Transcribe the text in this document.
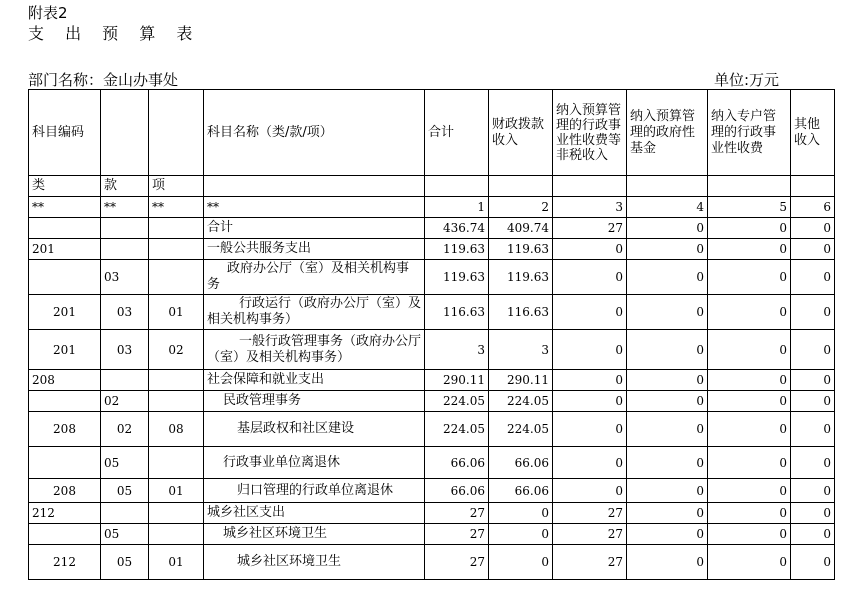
附表2
支 出 预 算 表
部门名称：金山办事处	单位:万元
科目编码			科目名称（类/款/项）	合计	财政拨款收入	纳入预算管理的行政事业性收费等非税收入	纳入预算管理的政府性基金	纳入专户管理的行政事业性收费	其他收入
类	款	项							
**	**	**	**	1	2	3	4	5	6
			合计	436.74	409.74	27	0	0	0
201			一般公共服务支出	119.63	119.63	0	0	0	0
	03		政府办公厅（室）及相关机构事务	119.63	119.63	0	0	0	0
201	03	01	行政运行（政府办公厅（室）及相关机构事务）	116.63	116.63	0	0	0	0
201	03	02	一般行政管理事务（政府办公厅（室）及相关机构事务）	3	3	0	0	0	0
208			社会保障和就业支出	290.11	290.11	0	0	0	0
	02		民政管理事务	224.05	224.05	0	0	0	0
208	02	08	基层政权和社区建设	224.05	224.05	0	0	0	0
	05		行政事业单位离退休	66.06	66.06	0	0	0	0
208	05	01	归口管理的行政单位离退休	66.06	66.06	0	0	0	0
212			城乡社区支出	27	0	27	0	0	0
	05		城乡社区环境卫生	27	0	27	0	0	0
212	05	01	城乡社区环境卫生	27	0	27	0	0	0
